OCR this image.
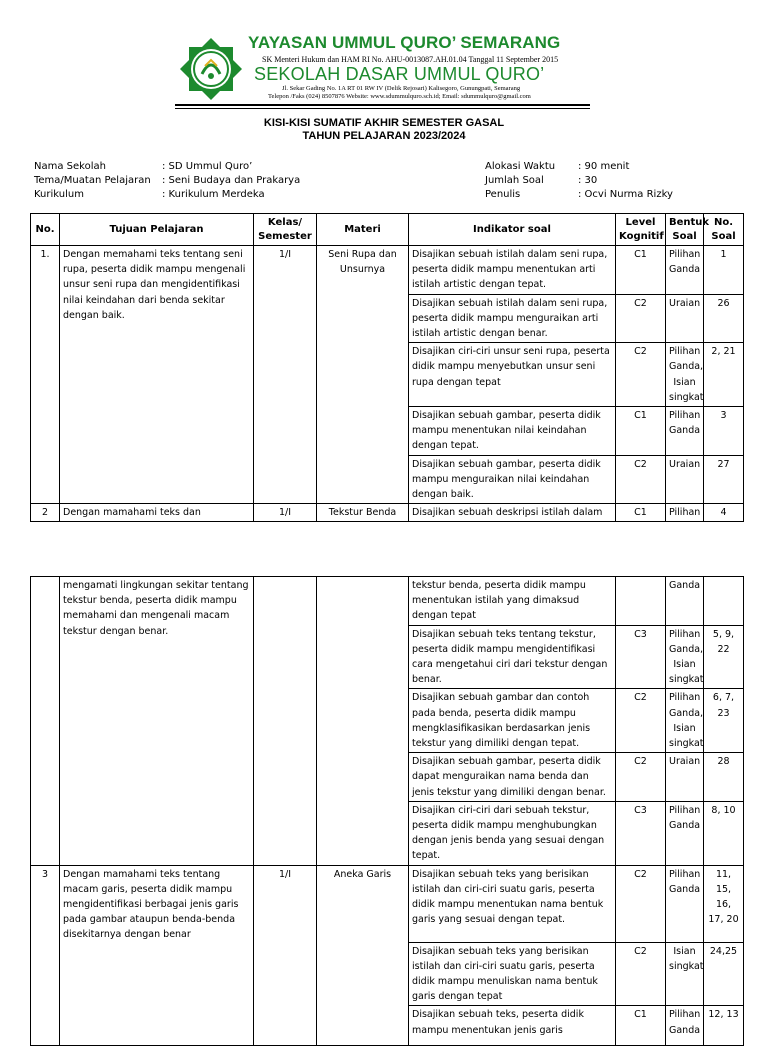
YAYASAN UMMUL QURO’ SEMARANG
SK Menteri Hukum dan HAM RI No. AHU-0013087.AH.01.04 Tanggal 11 September 2015
SEKOLAH DASAR UMMUL QURO’
Jl. Sekar Gading No. 1A RT 01 RW IV (Delik Rejosari) Kalisegoro, Gunungpati, Semarang
Telepon /Faks (024) 8507876 Website: www.sdummulquro.sch.id; Email: sdummulquro@gmail.com
KISI-KISI SUMATIF AKHIR SEMESTER GASAL
TAHUN PELAJARAN 2023/2024
Nama Sekolah	: SD Ummul Quro’
Tema/Muatan Pelajaran	: Seni Budaya dan Prakarya
Kurikulum	: Kurikulum Merdeka
Alokasi Waktu	: 90 menit
Jumlah Soal	: 30
Penulis	: Ocvi Nurma Rizky
No.	Tujuan Pelajaran	Kelas/ Semester	Materi	Indikator soal	Level Kognitif	Bentuk Soal	No. Soal
1.	Dengan memahami teks tentang seni rupa, peserta didik mampu mengenali unsur seni rupa dan mengidentifikasi nilai keindahan dari benda sekitar dengan baik.	1/I	Seni Rupa dan Unsurnya	Disajikan sebuah istilah dalam seni rupa, peserta didik mampu menentukan arti istilah artistic dengan tepat.	C1	Pilihan Ganda	1
				Disajikan sebuah istilah dalam seni rupa, peserta didik mampu menguraikan arti istilah artistic dengan benar.	C2	Uraian	26
				Disajikan ciri-ciri unsur seni rupa, peserta didik mampu menyebutkan unsur seni rupa dengan tepat	C2	Pilihan Ganda, Isian singkat	2, 21
				Disajikan sebuah gambar, peserta didik mampu menentukan nilai keindahan dengan tepat.	C1	Pilihan Ganda	3
				Disajikan sebuah gambar, peserta didik mampu menguraikan nilai keindahan dengan baik.	C2	Uraian	27
2	Dengan mamahami teks dan	1/I	Tekstur Benda	Disajikan sebuah deskripsi istilah dalam	C1	Pilihan	4
	mengamati lingkungan sekitar tentang tekstur benda, peserta didik mampu memahami dan mengenali macam tekstur dengan benar.			tekstur benda, peserta didik mampu menentukan istilah yang dimaksud dengan tepat		Ganda	
				Disajikan sebuah teks tentang tekstur, peserta didik mampu mengidentifikasi cara mengetahui ciri dari tekstur dengan benar.	C3	Pilihan Ganda, Isian singkat	5, 9, 22
				Disajikan sebuah gambar dan contoh pada benda, peserta didik mampu mengklasifikasikan berdasarkan jenis tekstur yang dimiliki dengan tepat.	C2	Pilihan Ganda, Isian singkat	6, 7, 23
				Disajikan sebuah gambar, peserta didik dapat menguraikan nama benda dan jenis tekstur yang dimiliki dengan benar.	C2	Uraian	28
				Disajikan ciri-ciri dari sebuah tekstur, peserta didik mampu menghubungkan dengan jenis benda yang sesuai dengan tepat.	C3	Pilihan Ganda	8, 10
3	Dengan mamahami teks tentang macam garis, peserta didik mampu mengidentifikasi berbagai jenis garis pada gambar ataupun benda-benda disekitarnya dengan benar	1/I	Aneka Garis	Disajikan sebuah teks yang berisikan istilah dan ciri-ciri suatu garis, peserta didik mampu menentukan nama bentuk garis yang sesuai dengan tepat.	C2	Pilihan Ganda	11, 15, 16, 17, 20
				Disajikan sebuah teks yang berisikan istilah dan ciri-ciri suatu garis, peserta didik mampu menuliskan nama bentuk garis dengan tepat	C2	Isian singkat	24,25
				Disajikan sebuah teks, peserta didik mampu menentukan jenis garis	C1	Pilihan Ganda	12, 13
